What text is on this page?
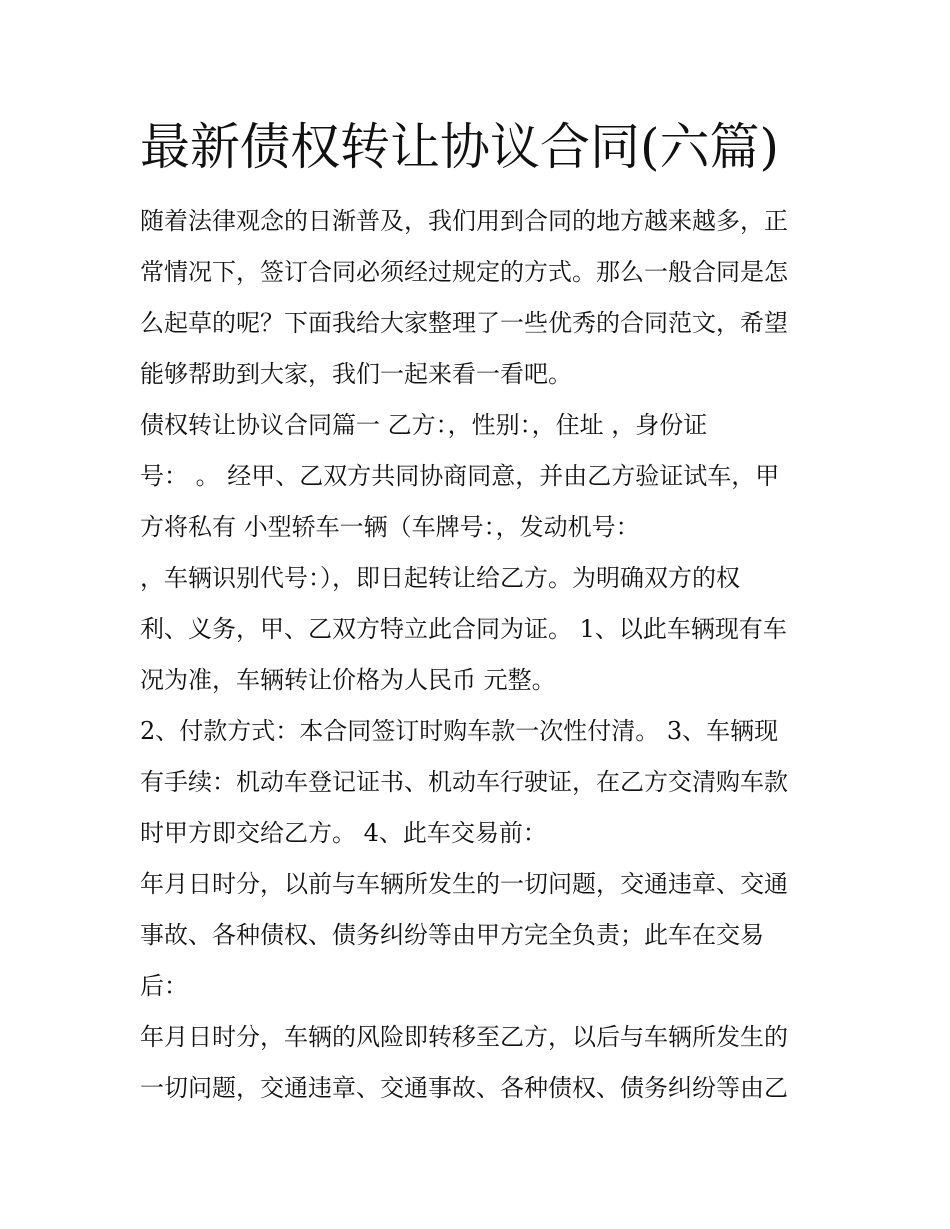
最新债权转让协议合同(六篇)
随着法律观念的日渐普及，我们用到合同的地方越来越多，正
常情况下，签订合同必须经过规定的方式。那么一般合同是怎
么起草的呢？下面我给大家整理了一些优秀的合同范文，希望
能够帮助到大家，我们一起来看一看吧。
债权转让协议合同篇一 乙方：，性别：，住址 ，身份证
号： 。 经甲、乙双方共同协商同意，并由乙方验证试车，甲
方将私有 小型轿车一辆（车牌号：，发动机号：
，车辆识别代号：），即日起转让给乙方。为明确双方的权
利、义务，甲、乙双方特立此合同为证。 1、以此车辆现有车
况为准，车辆转让价格为人民币 元整。
2、付款方式：本合同签订时购车款一次性付清。 3、车辆现
有手续：机动车登记证书、机动车行驶证，在乙方交清购车款
时甲方即交给乙方。 4、此车交易前：
年月日时分，以前与车辆所发生的一切问题，交通违章、交通
事故、各种债权、债务纠纷等由甲方完全负责；此车在交易
后：
年月日时分，车辆的风险即转移至乙方，以后与车辆所发生的
一切问题，交通违章、交通事故、各种债权、债务纠纷等由乙
